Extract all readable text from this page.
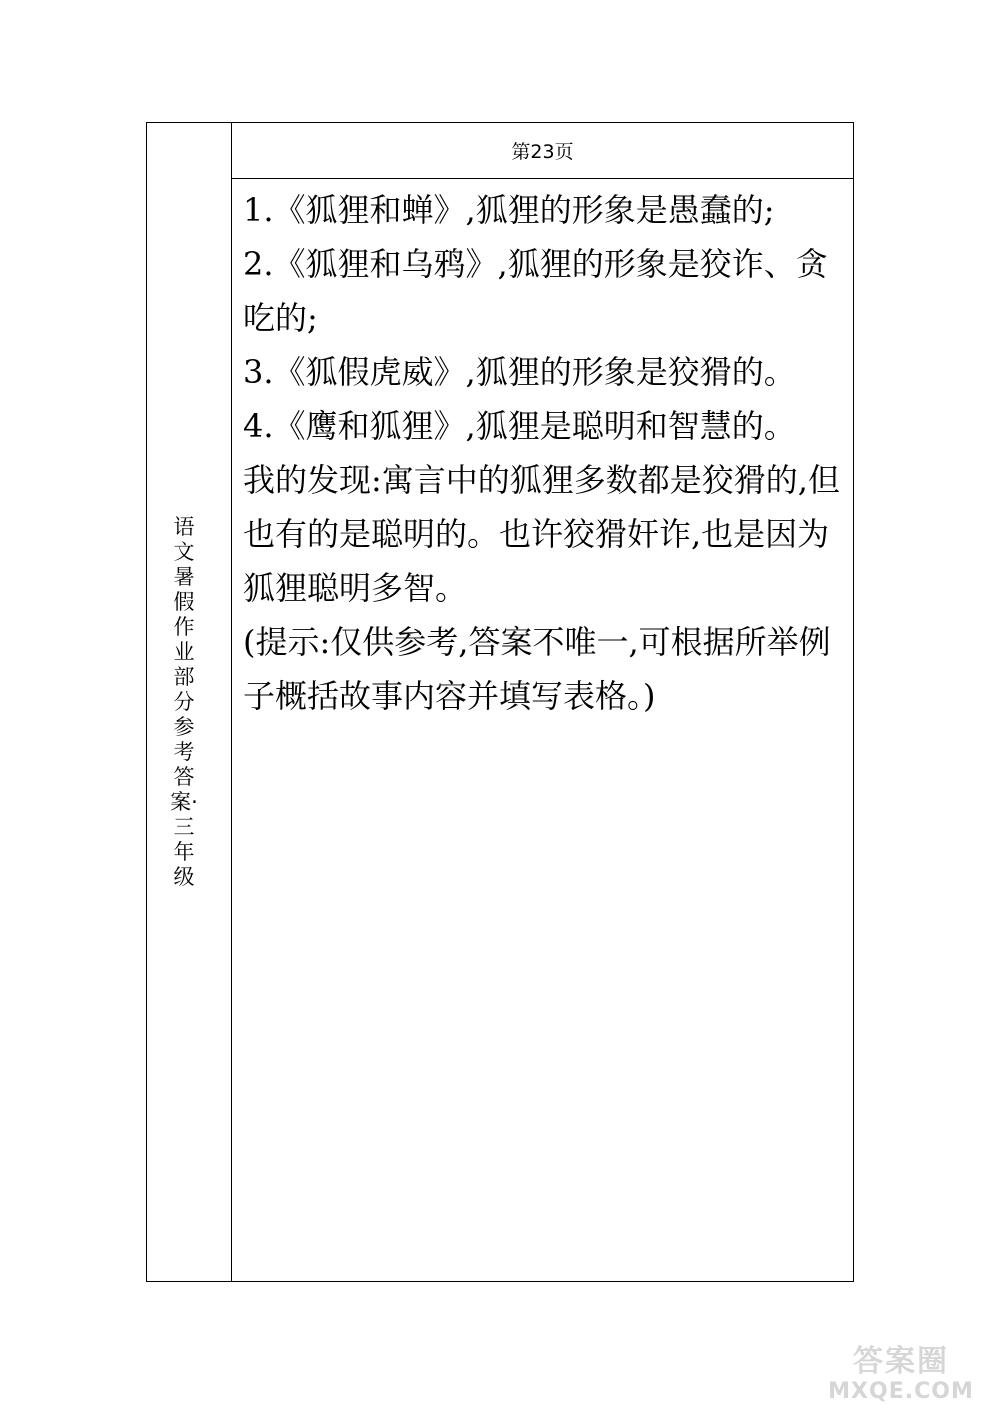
语文暑假作业部分参考答案·三年级
第23页

1.《狐狸和蝉》,狐狸的形象是愚蠢的;

2.《狐狸和乌鸦》,狐狸的形象是狡诈、贪吃的;

3.《狐假虎威》,狐狸的形象是狡猾的。

4.《鹰和狐狸》,狐狸是聪明和智慧的。

我的发现:寓言中的狐狸多数都是狡猾的,但也有的是聪明的。也许狡猾奸诈,也是因为狐狸聪明多智。

(提示:仅供参考,答案不唯一,可根据所举例子概括故事内容并填写表格。)

答案圈
MXQE.COM
